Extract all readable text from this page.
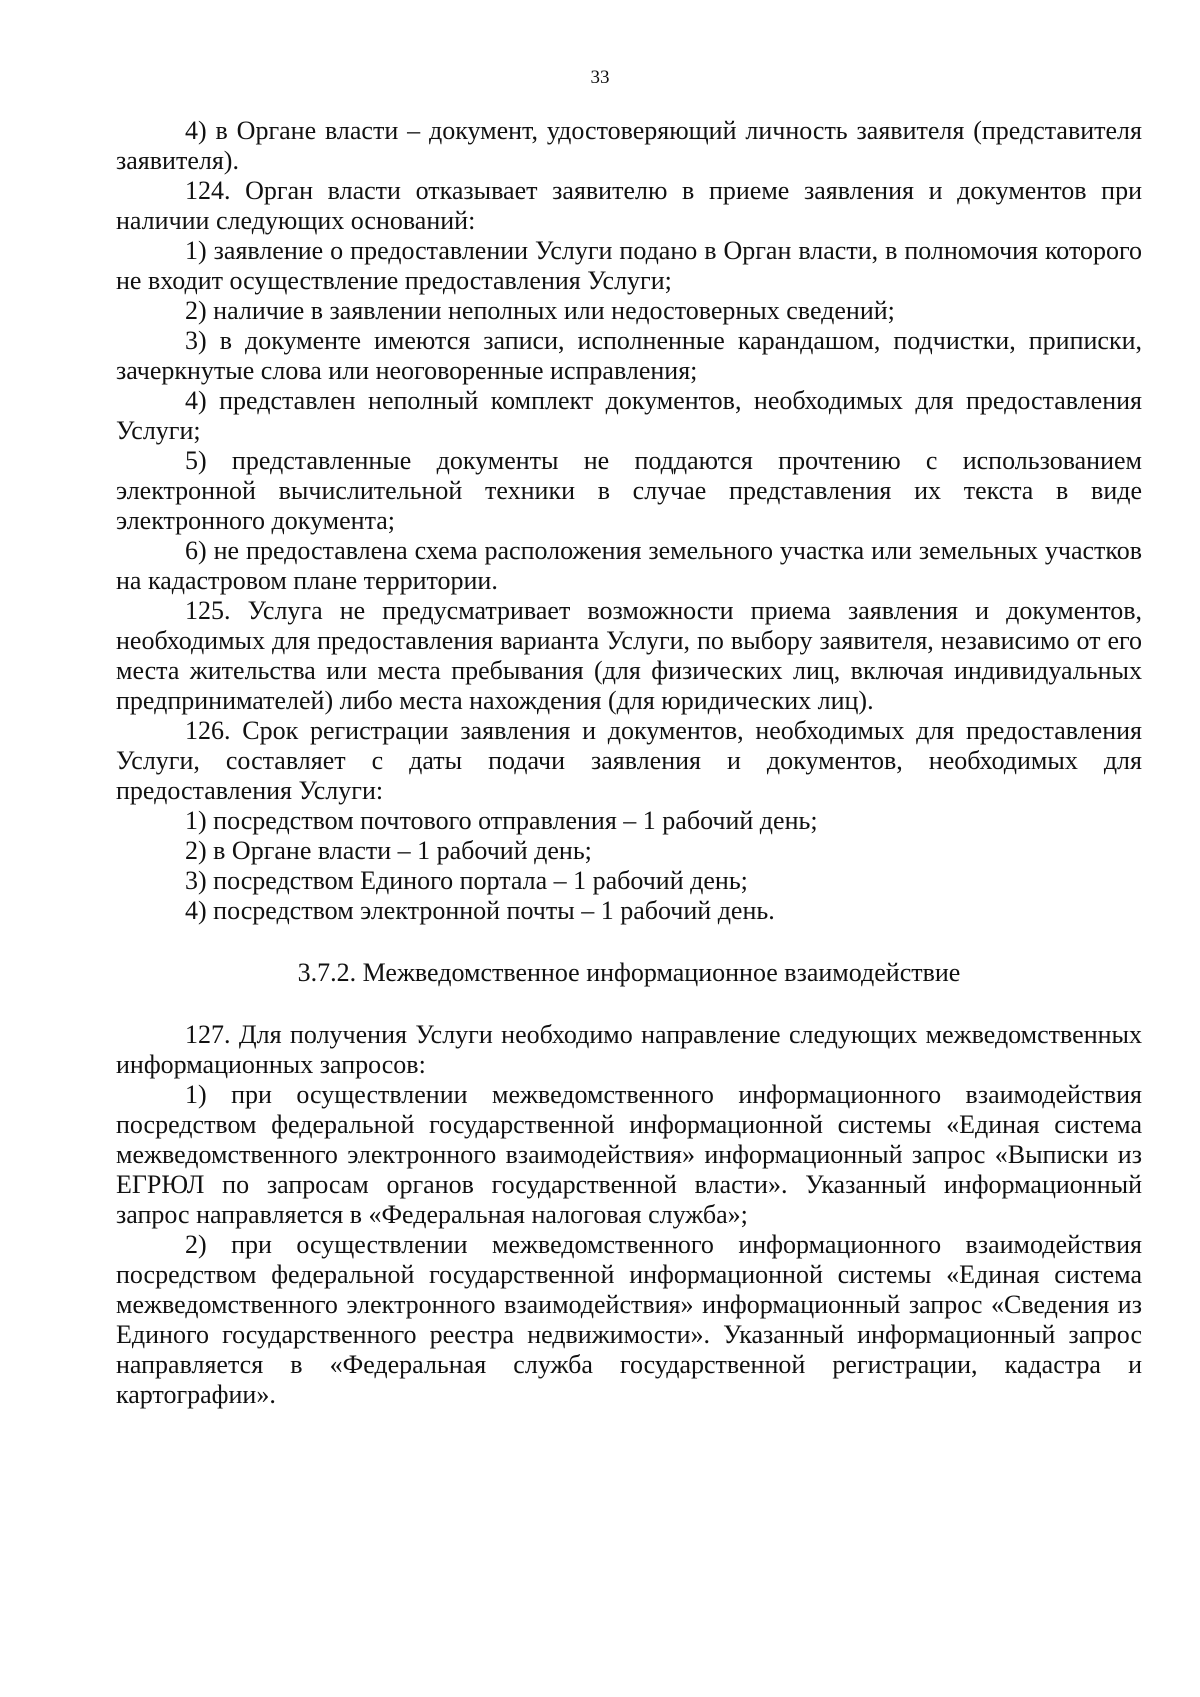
33

4) в Органе власти – документ, удостоверяющий личность заявителя (представителя заявителя).

124. Орган власти отказывает заявителю в приеме заявления и документов при наличии следующих оснований:

1) заявление о предоставлении Услуги подано в Орган власти, в полномочия которого не входит осуществление предоставления Услуги;

2) наличие в заявлении неполных или недостоверных сведений;

3) в документе имеются записи, исполненные карандашом, подчистки, приписки, зачеркнутые слова или неоговоренные исправления;

4) представлен неполный комплект документов, необходимых для предоставления Услуги;

5) представленные документы не поддаются прочтению с использованием электронной вычислительной техники в случае представления их текста в виде электронного документа;

6) не предоставлена схема расположения земельного участка или земельных участков на кадастровом плане территории.

125. Услуга не предусматривает возможности приема заявления и документов, необходимых для предоставления варианта Услуги, по выбору заявителя, независимо от его места жительства или места пребывания (для физических лиц, включая индивидуальных предпринимателей) либо места нахождения (для юридических лиц).

126. Срок регистрации заявления и документов, необходимых для предоставления Услуги, составляет с даты подачи заявления и документов, необходимых для предоставления Услуги:

1) посредством почтового отправления – 1 рабочий день;

2) в Органе власти – 1 рабочий день;

3) посредством Единого портала – 1 рабочий день;

4) посредством электронной почты – 1 рабочий день.

3.7.2. Межведомственное информационное взаимодействие

127. Для получения Услуги необходимо направление следующих межведомственных информационных запросов:

1) при осуществлении межведомственного информационного взаимодействия посредством федеральной государственной информационной системы «Единая система межведомственного электронного взаимодействия» информационный запрос «Выписки из ЕГРЮЛ по запросам органов государственной власти». Указанный информационный запрос направляется в «Федеральная налоговая служба»;

2) при осуществлении межведомственного информационного взаимодействия посредством федеральной государственной информационной системы «Единая система межведомственного электронного взаимодействия» информационный запрос «Сведения из Единого государственного реестра недвижимости». Указанный информационный запрос направляется в «Федеральная служба государственной регистрации, кадастра и картографии».
